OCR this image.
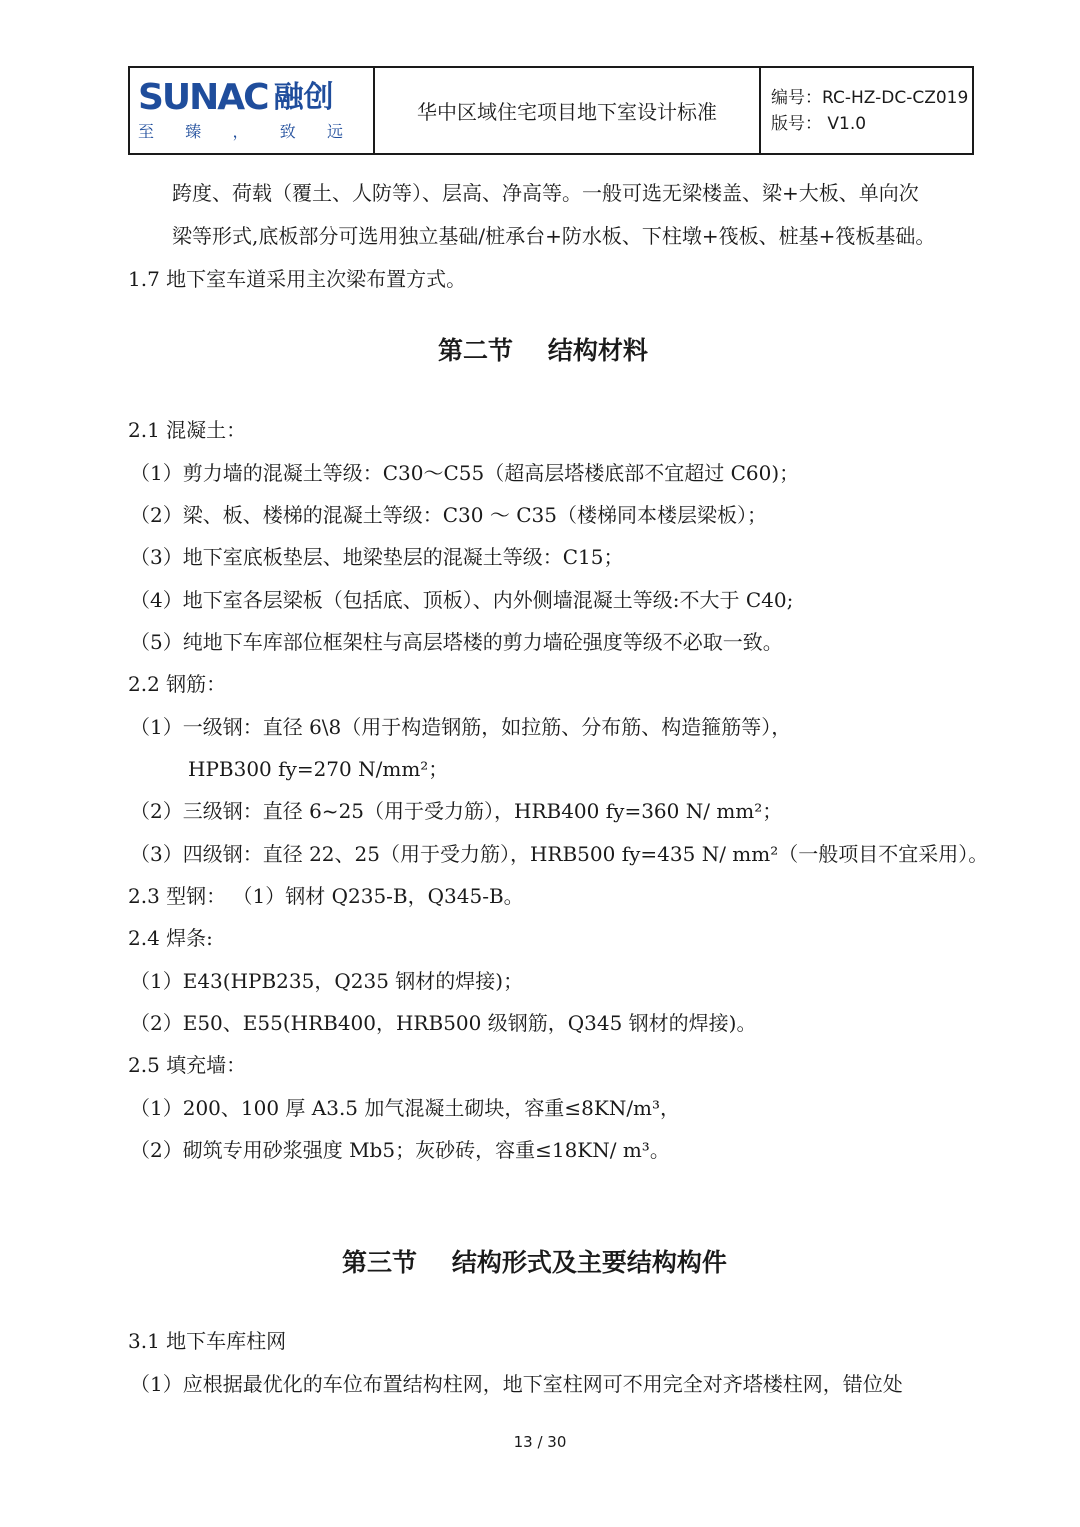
SUNAC 融创
至 臻 ， 致 远
华中区域住宅项目地下室设计标准
编号：RC-HZ-DC-CZ019
版号： V1.0
跨度、荷载（覆土、人防等）、层高、净高等。一般可选无梁楼盖、梁+大板、单向次
梁等形式,底板部分可选用独立基础/桩承台+防水板、下柱墩+筏板、桩基+筏板基础。
1.7 地下室车道采用主次梁布置方式。
第二节    结构材料
2.1 混凝土：
（1）剪力墙的混凝土等级：C30～C55（超高层塔楼底部不宜超过 C60)；
（2）梁、板、楼梯的混凝土等级：C30 ～ C35（楼梯同本楼层梁板）；
（3）地下室底板垫层、地梁垫层的混凝土等级：C15；
（4）地下室各层梁板（包括底、顶板）、内外侧墙混凝土等级:不大于 C40;
（5）纯地下车库部位框架柱与高层塔楼的剪力墙砼强度等级不必取一致。
2.2 钢筋：
（1）一级钢：直径 6\8（用于构造钢筋，如拉筋、分布筋、构造箍筋等），
HPB300 fy=270 N/mm²；
（2）三级钢：直径 6~25（用于受力筋），HRB400 fy=360 N/ mm²；
（3）四级钢：直径 22、25（用于受力筋），HRB500 fy=435 N/ mm²（一般项目不宜采用）。
2.3 型钢： （1）钢材 Q235-B，Q345-B。
2.4 焊条:
（1）E43(HPB235，Q235 钢材的焊接)；
（2）E50、E55(HRB400，HRB500 级钢筋，Q345 钢材的焊接)。
2.5 填充墙：
（1）200、100 厚 A3.5 加气混凝土砌块，容重≤8KN/m³，
（2）砌筑专用砂浆强度 Mb5；灰砂砖，容重≤18KN/ m³。
第三节    结构形式及主要结构构件
3.1 地下车库柱网
（1）应根据最优化的车位布置结构柱网，地下室柱网可不用完全对齐塔楼柱网，错位处
13 / 30
